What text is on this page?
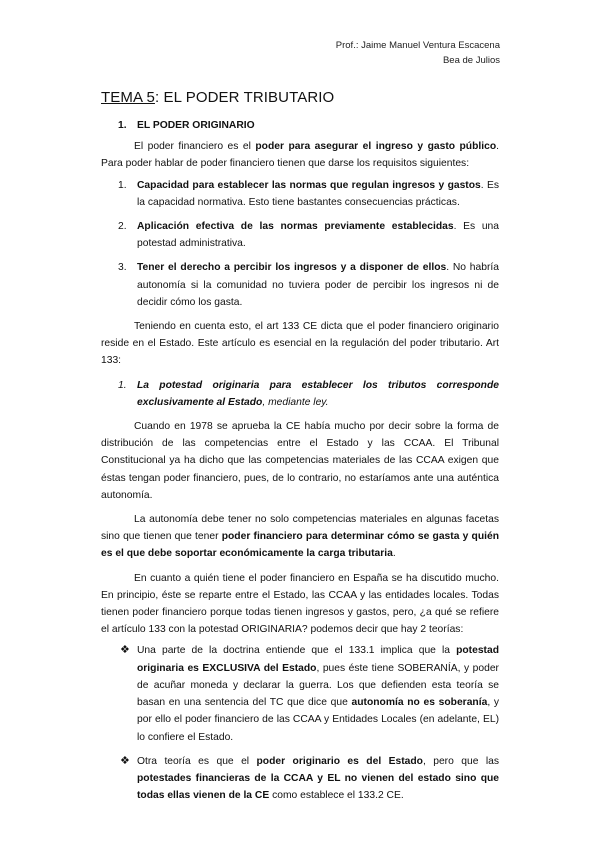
Prof.: Jaime Manuel Ventura Escacena
Bea de Julios
TEMA 5: EL PODER TRIBUTARIO
1. EL PODER ORIGINARIO

El poder financiero es el poder para asegurar el ingreso y gasto público. Para poder hablar de poder financiero tienen que darse los requisitos siguientes:

1. Capacidad para establecer las normas que regulan ingresos y gastos. Es la capacidad normativa. Esto tiene bastantes consecuencias prácticas.

2. Aplicación efectiva de las normas previamente establecidas. Es una potestad administrativa.

3. Tener el derecho a percibir los ingresos y a disponer de ellos. No habría autonomía si la comunidad no tuviera poder de percibir los ingresos ni de decidir cómo los gasta.

Teniendo en cuenta esto, el art 133 CE dicta que el poder financiero originario reside en el Estado. Este artículo es esencial en la regulación del poder tributario. Art 133:

1. La potestad originaria para establecer los tributos corresponde exclusivamente al Estado, mediante ley.

Cuando en 1978 se aprueba la CE había mucho por decir sobre la forma de distribución de las competencias entre el Estado y las CCAA. El Tribunal Constitucional ya ha dicho que las competencias materiales de las CCAA exigen que éstas tengan poder financiero, pues, de lo contrario, no estaríamos ante una auténtica autonomía.

La autonomía debe tener no solo competencias materiales en algunas facetas sino que tienen que tener poder financiero para determinar cómo se gasta y quién es el que debe soportar económicamente la carga tributaria.

En cuanto a quién tiene el poder financiero en España se ha discutido mucho. En principio, éste se reparte entre el Estado, las CCAA y las entidades locales. Todas tienen poder financiero porque todas tienen ingresos y gastos, pero, ¿a qué se refiere el artículo 133 con la potestad ORIGINARIA? podemos decir que hay 2 teorías:

❖ Una parte de la doctrina entiende que el 133.1 implica que la potestad originaria es EXCLUSIVA del Estado, pues éste tiene SOBERANÍA, y poder de acuñar moneda y declarar la guerra. Los que defienden esta teoría se basan en una sentencia del TC que dice que autonomía no es soberanía, y por ello el poder financiero de las CCAA y Entidades Locales (en adelante, EL) lo confiere el Estado.

❖ Otra teoría es que el poder originario es del Estado, pero que las potestades financieras de la CCAA y EL no vienen del estado sino que todas ellas vienen de la CE como establece el 133.2 CE.
